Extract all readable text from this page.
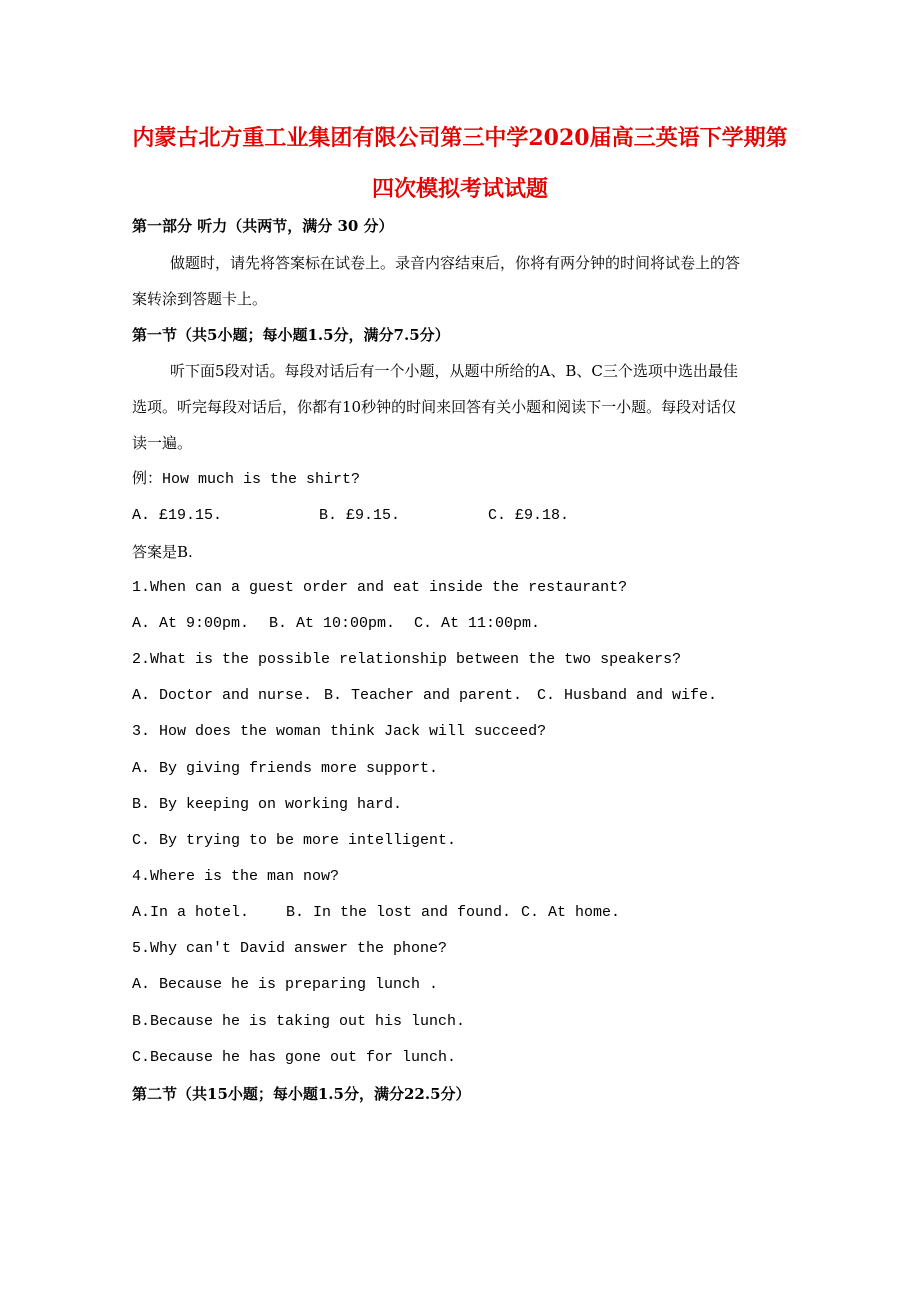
内蒙古北方重工业集团有限公司第三中学2020届高三英语下学期第
四次模拟考试试题
第一部分 听力（共两节，满分 30 分）
做题时，请先将答案标在试卷上。录音内容结束后，你将有两分钟的时间将试卷上的答
案转涂到答题卡上。
第一节（共5小题；每小题1.5分，满分7.5分）
听下面5段对话。每段对话后有一个小题，从题中所给的A、B、C三个选项中选出最佳
选项。听完每段对话后，你都有10秒钟的时间来回答有关小题和阅读下一小题。每段对话仅
读一遍。
例：How much is the shirt?
A. £19.15.	B. £9.15.	C. £9.18.
答案是B.
1.When can a guest order and eat inside the restaurant?
A. At 9:00pm. B. At 10:00pm. C. At 11:00pm.
2.What is the possible relationship between the two speakers?
A. Doctor and nurse. B. Teacher and parent. C. Husband and wife.
3. How does the woman think Jack will succeed?
A. By giving friends more support.
B. By keeping on working hard.
C. By trying to be more intelligent.
4.Where is the man now?
A.In a hotel. B. In the lost and found. C. At home.
5.Why can't David answer the phone?
A. Because he is preparing lunch .
B.Because he is taking out his lunch.
C.Because he has gone out for lunch.
第二节（共15小题；每小题1.5分，满分22.5分）
